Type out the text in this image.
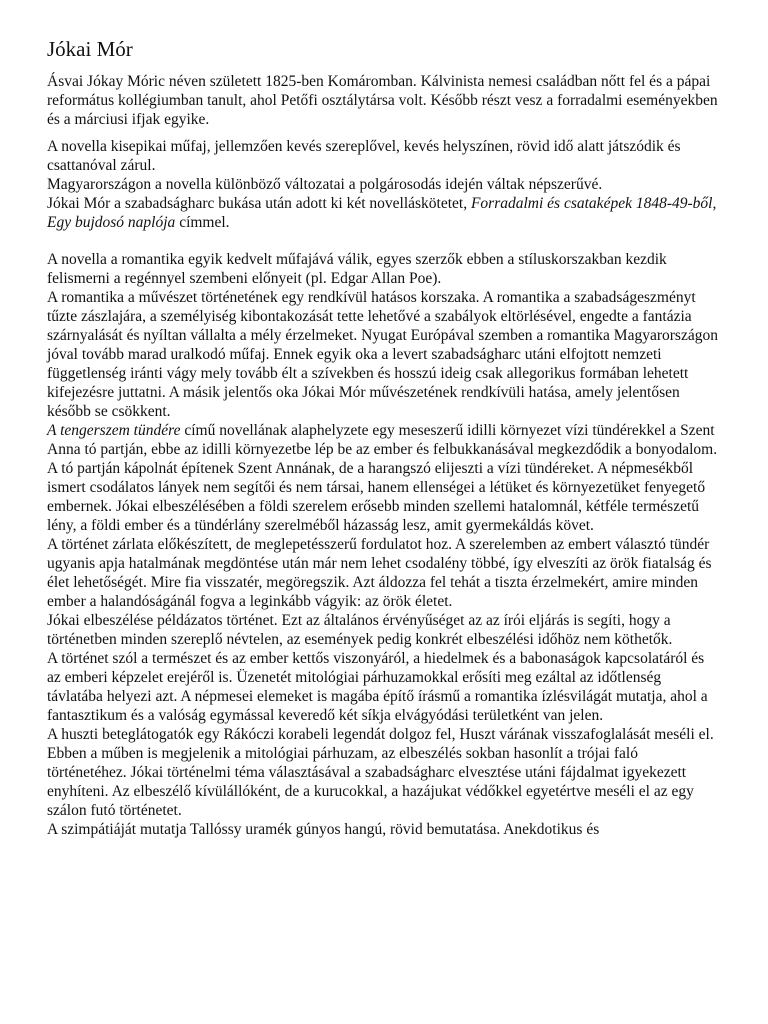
Jókai Mór

Ásvai Jókay Móric néven született 1825-ben Komáromban. Kálvinista nemesi családban nőtt fel és a pápai református kollégiumban tanult, ahol Petőfi osztálytársa volt. Később részt vesz a forradalmi eseményekben és a márciusi ifjak egyike.

A novella kisepikai műfaj, jellemzően kevés szereplővel, kevés helyszínen, rövid idő alatt játszódik és csattanóval zárul.

Magyarországon a novella különböző változatai a polgárosodás idején váltak népszerűvé.

Jókai Mór a szabadságharc bukása után adott ki két novelláskötetet, Forradalmi és csataképek 1848-49-ből, Egy bujdosó naplója címmel.

A novella a romantika egyik kedvelt műfajává válik, egyes szerzők ebben a stíluskorszakban kezdik felismerni a regénnyel szembeni előnyeit (pl. Edgar Allan Poe).

A romantika a művészet történetének egy rendkívül hatásos korszaka. A romantika a szabadságeszményt tűzte zászlajára, a személyiség kibontakozását tette lehetővé a szabályok eltörlésével, engedte a fantázia szárnyalását és nyíltan vállalta a mély érzelmeket. Nyugat Európával szemben a romantika Magyarországon jóval tovább marad uralkodó műfaj. Ennek egyik oka a levert szabadságharc utáni elfojtott nemzeti függetlenség iránti vágy mely tovább élt a szívekben és hosszú ideig csak allegorikus formában lehetett kifejezésre juttatni. A másik jelentős oka Jókai Mór művészetének rendkívüli hatása, amely jelentősen később se csökkent.

A tengerszem tündére című novellának alaphelyzete egy meseszerű idilli környezet vízi tündérekkel a Szent Anna tó partján, ebbe az idilli környezetbe lép be az ember és felbukkanásával megkezdődik a bonyodalom. A tó partján kápolnát építenek Szent Annának, de a harangszó elijeszti a vízi tündéreket. A népmesékből ismert csodálatos lányek nem segítői és nem társai, hanem ellenségei a létüket és környezetüket fenyegető embernek. Jókai elbeszélésében a földi szerelem erősebb minden szellemi hatalomnál, kétféle természetű lény, a földi ember és a tündérlány szerelméből házasság lesz, amit gyermekáldás követ.

A történet zárlata előkészített, de meglepetésszerű fordulatot hoz. A szerelemben az embert választó tündér ugyanis apja hatalmának megdöntése után már nem lehet csodalény többé, így elveszíti az örök fiatalság és élet lehetőségét. Mire fia visszatér, megöregszik. Azt áldozza fel tehát a tiszta érzelmekért, amire minden ember a halandóságánál fogva a leginkább vágyik: az örök életet.

Jókai elbeszélése példázatos történet. Ezt az általános érvényűséget az az írói eljárás is segíti, hogy a történetben minden szereplő névtelen, az események pedig konkrét elbeszélési időhöz nem köthetők.

A történet szól a természet és az ember kettős viszonyáról, a hiedelmek és a babonaságok kapcsolatáról és az emberi képzelet erejéről is. Üzenetét mitológiai párhuzamokkal erősíti meg ezáltal az időtlenség távlatába helyezi azt. A népmesei elemeket is magába építő írásmű a romantika ízlésvilágát mutatja, ahol a fantasztikum és a valóság egymással keveredő két síkja elvágyódási területként van jelen.

A huszti beteglátogatók egy Rákóczi korabeli legendát dolgoz fel, Huszt várának visszafoglalását meséli el. Ebben a műben is megjelenik a mitológiai párhuzam, az elbeszélés sokban hasonlít a trójai faló történetéhez. Jókai történelmi téma választásával a szabadságharc elvesztése utáni fájdalmat igyekezett enyhíteni. Az elbeszélő kívülállóként, de a kurucokkal, a hazájukat védőkkel egyetértve meséli el az egy szálon futó történetet.

A szimpátiáját mutatja Tallóssy uramék gúnyos hangú, rövid bemutatása. Anekdotikus és
